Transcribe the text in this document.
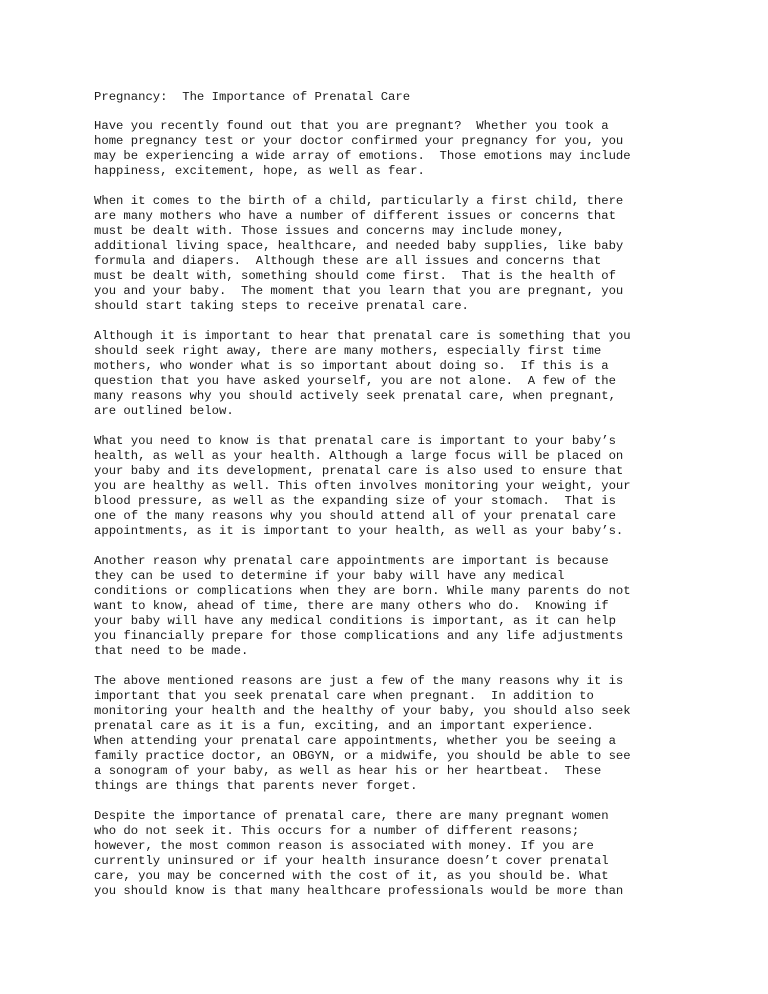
Pregnancy:  The Importance of Prenatal Care

Have you recently found out that you are pregnant?  Whether you took a
home pregnancy test or your doctor confirmed your pregnancy for you, you
may be experiencing a wide array of emotions.  Those emotions may include
happiness, excitement, hope, as well as fear.

When it comes to the birth of a child, particularly a first child, there
are many mothers who have a number of different issues or concerns that
must be dealt with. Those issues and concerns may include money,
additional living space, healthcare, and needed baby supplies, like baby
formula and diapers.  Although these are all issues and concerns that
must be dealt with, something should come first.  That is the health of
you and your baby.  The moment that you learn that you are pregnant, you
should start taking steps to receive prenatal care.

Although it is important to hear that prenatal care is something that you
should seek right away, there are many mothers, especially first time
mothers, who wonder what is so important about doing so.  If this is a
question that you have asked yourself, you are not alone.  A few of the
many reasons why you should actively seek prenatal care, when pregnant,
are outlined below.

What you need to know is that prenatal care is important to your baby’s
health, as well as your health. Although a large focus will be placed on
your baby and its development, prenatal care is also used to ensure that
you are healthy as well. This often involves monitoring your weight, your
blood pressure, as well as the expanding size of your stomach.  That is
one of the many reasons why you should attend all of your prenatal care
appointments, as it is important to your health, as well as your baby’s.

Another reason why prenatal care appointments are important is because
they can be used to determine if your baby will have any medical
conditions or complications when they are born. While many parents do not
want to know, ahead of time, there are many others who do.  Knowing if
your baby will have any medical conditions is important, as it can help
you financially prepare for those complications and any life adjustments
that need to be made.

The above mentioned reasons are just a few of the many reasons why it is
important that you seek prenatal care when pregnant.  In addition to
monitoring your health and the healthy of your baby, you should also seek
prenatal care as it is a fun, exciting, and an important experience.
When attending your prenatal care appointments, whether you be seeing a
family practice doctor, an OBGYN, or a midwife, you should be able to see
a sonogram of your baby, as well as hear his or her heartbeat.  These
things are things that parents never forget.

Despite the importance of prenatal care, there are many pregnant women
who do not seek it. This occurs for a number of different reasons;
however, the most common reason is associated with money. If you are
currently uninsured or if your health insurance doesn’t cover prenatal
care, you may be concerned with the cost of it, as you should be. What
you should know is that many healthcare professionals would be more than
